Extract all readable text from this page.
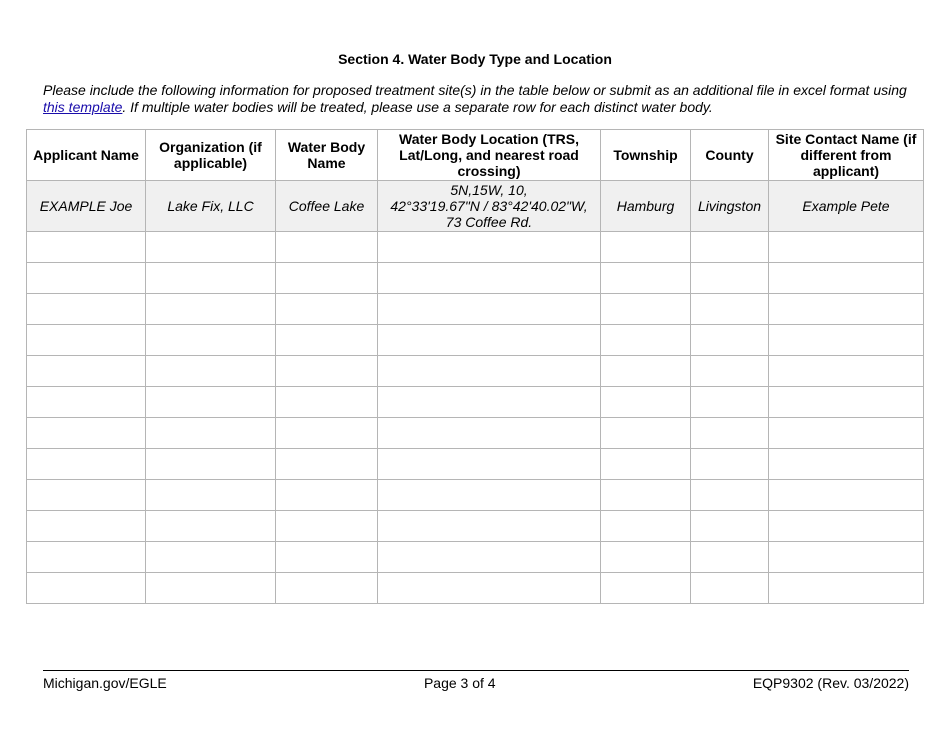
Section 4. Water Body Type and Location
Please include the following information for proposed treatment site(s) in the table below or submit as an additional file in excel format using this template. If multiple water bodies will be treated, please use a separate row for each distinct water body.
Applicant Name	Organization (if applicable)	Water Body Name	Water Body Location (TRS, Lat/Long, and nearest road crossing)	Township	County	Site Contact Name (if different from applicant)
EXAMPLE Joe	Lake Fix, LLC	Coffee Lake	5N,15W, 10,
42°33'19.67"N / 83°42'40.02"W,
73 Coffee Rd.	Hamburg	Livingston	Example Pete

Michigan.gov/EGLE	Page 3 of 4	EQP9302 (Rev. 03/2022)
